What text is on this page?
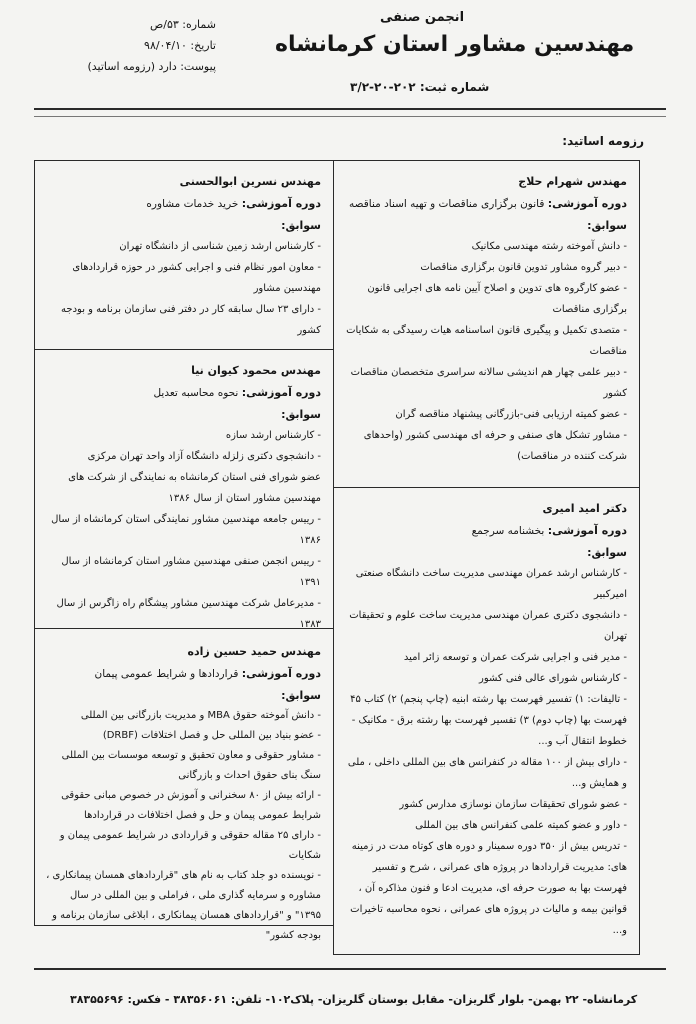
شماره: ۵۳/ص
تاریخ: ۹۸/۰۴/۱۰
پیوست: دارد (رزومه اساتید)
انجمن صنفی
مهندسین مشاور استان کرمانشاه
شماره ثبت: ۲۰۲-۲۰-۳/۲
رزومه اساتید:
مهندس شهرام حلاج
دوره آموزشی: قانون برگزاری مناقصات و تهیه اسناد مناقصه
سوابق:
- دانش آموخته رشته مهندسی مکانیک
- دبیر گروه مشاور تدوین قانون برگزاری مناقصات
- عضو کارگروه های تدوین و اصلاح آیین نامه های اجرایی قانون برگزاری مناقصات
- متصدی تکمیل و پیگیری قانون اساسنامه هیات رسیدگی به شکایات مناقصات
- دبیر علمی چهار هم اندیشی سالانه سراسری متخصصان مناقصات کشور
- عضو کمیته ارزیابی فنی-بازرگانی پیشنهاد مناقصه گران
- مشاور تشکل های صنفی و حرفه ای مهندسی کشور (واحدهای شرکت کننده در مناقصات)
مهندس نسرین ابوالحسنی
دوره آموزشی: خرید خدمات مشاوره
سوابق:
- کارشناس ارشد زمین شناسی از دانشگاه تهران
- معاون امور نظام فنی و اجرایی کشور در حوزه قراردادهای مهندسین مشاور
- دارای ۲۳ سال سابقه کار در دفتر فنی سازمان برنامه و بودجه کشور
مهندس محمود کیوان نیا
دوره آموزشی: نحوه محاسبه تعدیل
سوابق:
- کارشناس ارشد سازه
- دانشجوی دکتری زلزله دانشگاه آزاد واحد تهران مرکزی
عضو شورای فنی استان کرمانشاه به نمایندگی از شرکت های مهندسین مشاور استان از سال ۱۳۸۶
- رییس جامعه مهندسین مشاور نمایندگی استان کرمانشاه از سال ۱۳۸۶
- رییس انجمن صنفی مهندسین مشاور استان کرمانشاه از سال ۱۳۹۱
- مدیرعامل شرکت مهندسین مشاور پیشگام راه زاگرس از سال ۱۳۸۳
دکتر امید امیری
دوره آموزشی: بخشنامه سرجمع
سوابق:
- کارشناس ارشد عمران مهندسی مدیریت ساخت دانشگاه صنعتی امیرکبیر
- دانشجوی دکتری عمران مهندسی مدیریت ساخت علوم و تحقیقات تهران
- مدیر فنی و اجرایی شرکت عمران و توسعه زائر امید
- کارشناس شورای عالی فنی کشور
- تالیفات: ۱) تفسیر فهرست بها رشته ابنیه (چاپ پنجم) ۲) کتاب ۴۵ فهرست بها (چاپ دوم) ۳) تفسیر فهرست بها رشته برق - مکانیک - خطوط انتقال آب و...
- دارای بیش از ۱۰۰ مقاله در کنفرانس های بین المللی داخلی ، ملی و همایش و...
- عضو شورای تحقیقات سازمان نوسازی مدارس کشور
- داور و عضو کمیته علمی کنفرانس های بین المللی
- تدریس بیش از ۳۵۰ دوره سمینار و دوره های کوتاه مدت در زمینه های: مدیریت قراردادها در پروژه های عمرانی ، شرح و تفسیر فهرست بها به صورت حرفه ای، مدیریت ادعا و فنون مذاکره آن ، قوانین بیمه و مالیات در پروژه های عمرانی ، نحوه محاسبه تاخیرات و...
مهندس حمید حسین زاده
دوره آموزشی: قراردادها و شرایط عمومی پیمان
سوابق:
- دانش آموخته حقوق MBA و مدیریت بازرگانی بین المللی
- عضو بنیاد بین المللی حل و فصل اختلافات (DRBF)
- مشاور حقوقی و معاون تحقیق و توسعه موسسات بین المللی سنگ بنای حقوق احداث و بازرگانی
- ارائه بیش از ۸۰ سخنرانی و آموزش در خصوص مبانی حقوقی شرایط عمومی پیمان و حل و فصل اختلافات در قراردادها
- دارای ۲۵ مقاله حقوقی و قراردادی در شرایط عمومی پیمان و شکایات
- نویسنده دو جلد کتاب به نام های "قراردادهای همسان پیمانکاری ، مشاوره و سرمایه گذاری ملی ، فراملی و بین المللی در سال ۱۳۹۵" و "قراردادهای همسان پیمانکاری ، ابلاغی سازمان برنامه و بودجه کشور"
کرمانشاه- ۲۲ بهمن- بلوار گلریزان- مقابل بوستان گلریزان- پلاک۱۰۲- تلفن: ۳۸۳۵۶۰۶۱ - فکس: ۳۸۳۵۵۶۹۶
